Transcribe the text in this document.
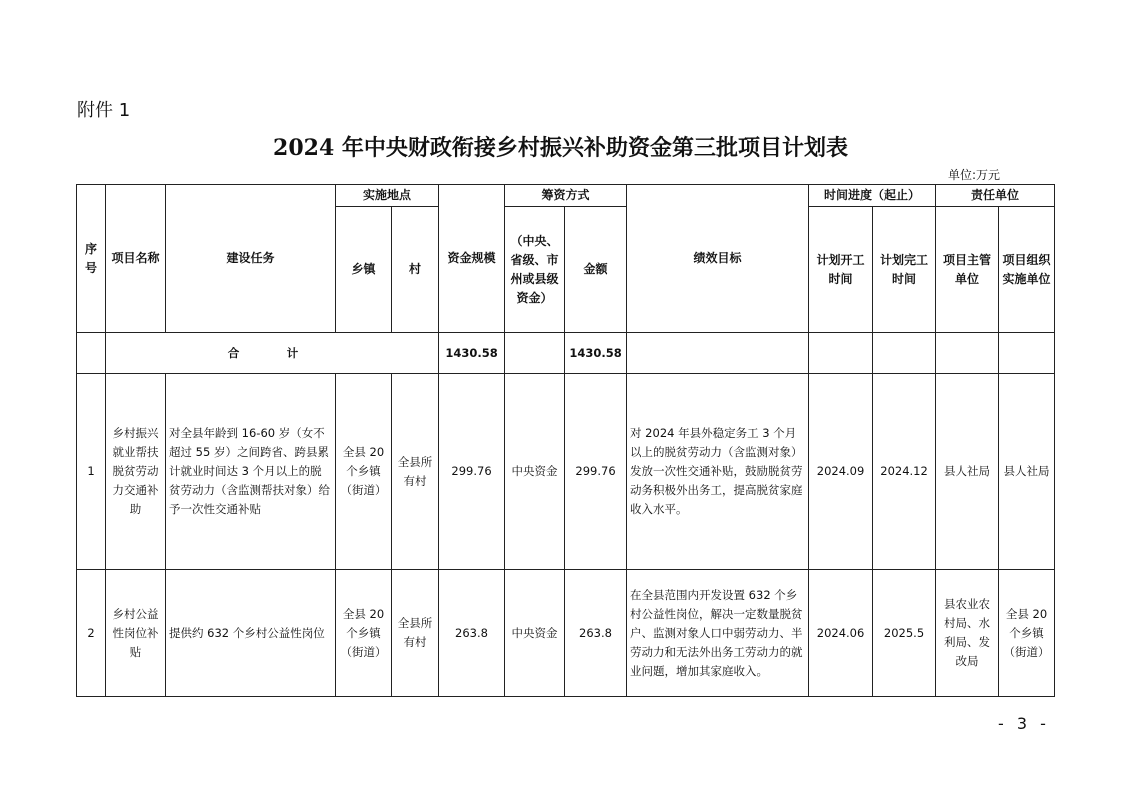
附件 1
2024 年中央财政衔接乡村振兴补助资金第三批项目计划表
单位:万元
序号	项目名称	建设任务	实施地点		资金规模	筹资方式		绩效目标	时间进度（起止）		责任单位	
			乡镇	村		（中央、省级、市州或县级资金）	金额		计划开工时间	计划完工时间	项目主管单位	项目组织实施单位
	合　计				1430.58		1430.58					
1	乡村振兴就业帮扶脱贫劳动力交通补助	对全县年龄到 16-60 岁（女不超过 55 岁）之间跨省、跨县累计就业时间达 3 个月以上的脱贫劳动力（含监测帮扶对象）给予一次性交通补贴	全县 20 个乡镇（街道）	全县所有村	299.76	中央资金	299.76	对 2024 年县外稳定务工 3 个月以上的脱贫劳动力（含监测对象）发放一次性交通补贴，鼓励脱贫劳动务积极外出务工，提高脱贫家庭收入水平。	2024.09	2024.12	县人社局	县人社局
2	乡村公益性岗位补贴	提供约 632 个乡村公益性岗位	全县 20 个乡镇（街道）	全县所有村	263.8	中央资金	263.8	在全县范围内开发设置 632 个乡村公益性岗位，解决一定数量脱贫户、监测对象人口中弱劳动力、半劳动力和无法外出务工劳动力的就业问题，增加其家庭收入。	2024.06	2025.5	县农业农村局、水利局、发改局	全县 20 个乡镇（街道）
- 3 -
